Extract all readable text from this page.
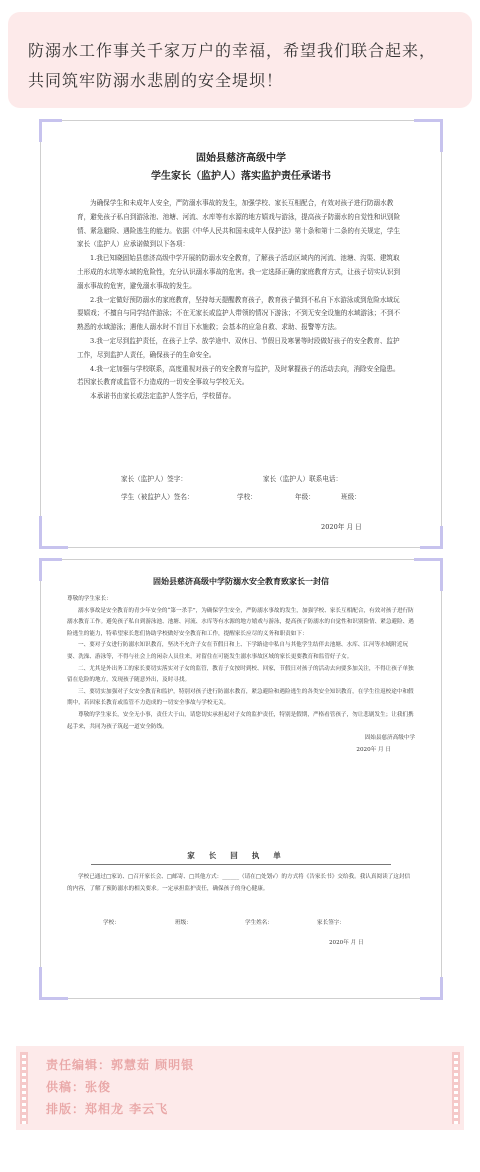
防溺水工作事关千家万户的幸福，希望我们联合起来，共同筑牢防溺水悲剧的安全堤坝！

固始县慈济高级中学
学生家长（监护人）落实监护责任承诺书

为确保学生和未成年人安全，严防溺水事故的发生，加强学校、家长互相配合，有效对孩子进行防溺水教育，避免孩子私自到游泳池、池塘、河流、水库等有水源的地方嬉戏与游泳，提高孩子防溺水的自觉性和识别险情、紧急避险、遇险逃生的能力。依据《中华人民共和国未成年人保护法》第十条和第十二条的有关规定，学生家长（监护人）应承诺做到以下各项：

1.我已知晓固始县慈济高级中学开展的防溺水安全教育，了解孩子活动区域内的河流、池塘、沟渠、建筑取土形成的水坑等水域的危险性，充分认识溺水事故的危害。我一定选择正确的家庭教育方式，让孩子切实认识到溺水事故的危害，避免溺水事故的发生。

2.我一定做好预防溺水的家庭教育，坚持每天提醒教育孩子，教育孩子做到不私自下水游泳或到危险水域玩耍嬉戏；不擅自与同学结伴游泳；不在无家长或监护人带领的情况下游泳；不到无安全设施的水域游泳；不到不熟悉的水域游泳；遇他人溺水时不盲目下水施救；会基本的应急自救、求助、报警等方法。

3.我一定尽到监护责任，在孩子上学、放学途中、双休日、节假日及寒暑等时段做好孩子的安全教育、监护工作，尽到监护人责任，确保孩子的生命安全。

4.我一定加强与学校联系，高度重视对孩子的安全教育与监护，及时掌握孩子的活动去向，消除安全隐患。若因家长教育或监管不力造成的一切安全事故与学校无关。

本承诺书由家长或法定监护人签字后，学校留存。

家长（监护人）签字：	家长（监护人）联系电话：
学生（被监护人）签名：	学校：	年级：	班级：
2020年 月 日
固始县慈济高级中学防溺水安全教育致家长一封信

尊敬的学生家长：

溺水事故是安全教育的青少年安全的“第一杀手”，为确保学生安全，严防溺水事故的发生，加强学校、家长互相配合，有效对孩子进行防溺水教育工作。避免孩子私自到游泳池、池塘、河流、水库等有水源的地方嬉戏与游泳，提高孩子防溺水的自觉性和识别险情、紧急避险、遇险逃生的能力，特希望家长您们协助学校做好安全教育和工作，提醒家长应尽的义务和职责如下：

一、要对子女进行防溺水知识教育，坚决不允许子女在节假日和上、下学路途中私自与其他学生结伴去池塘、水库、江河等水域附近玩耍、洗澡、游泳等，不得与社会上的闲杂人员往来，对留住在可能发生溺水事故区域的家长更要教育和监管好子女。

二、尤其是外出务工的家长要切实落实对子女的监管，教育子女按时到校、回家，节假日对孩子的活动去向要多加关注，不得让孩子单独留在危险的地方，发现孩子随意外出，及时寻找。

三、要切实加强对子女安全教育和监护，特别对孩子进行防溺水教育，紧急避险和遇险逃生的各类安全知识教育，在学生往返校途中和假期中，若因家长教育或监管不力造成的一切安全事故与学校无关。

尊敬的学生家长，安全无小事，责任大于山，请您切实承担起对子女的监护责任，特别是假期，严格看管孩子，勿让悲剧发生；让我们携起手来，共同为孩子筑起一道安全防线。

固始县慈济高级中学

2020年 月 日

家长回执单

学校已通过□家访、□召开家长会、□邮寄、□其他方式：______（请在□处划√）的方式将《告家长书》交给我。我认真阅读了这封信的内容，了解了预防溺水的相关要求。一定承担监护责任，确保孩子的身心健康。

学校：	班级：	学生姓名：	家长签字：
2020年 月 日

责任编辑：郭慧茹 顾明银

供稿：张俊

排版：郑相龙 李云飞
